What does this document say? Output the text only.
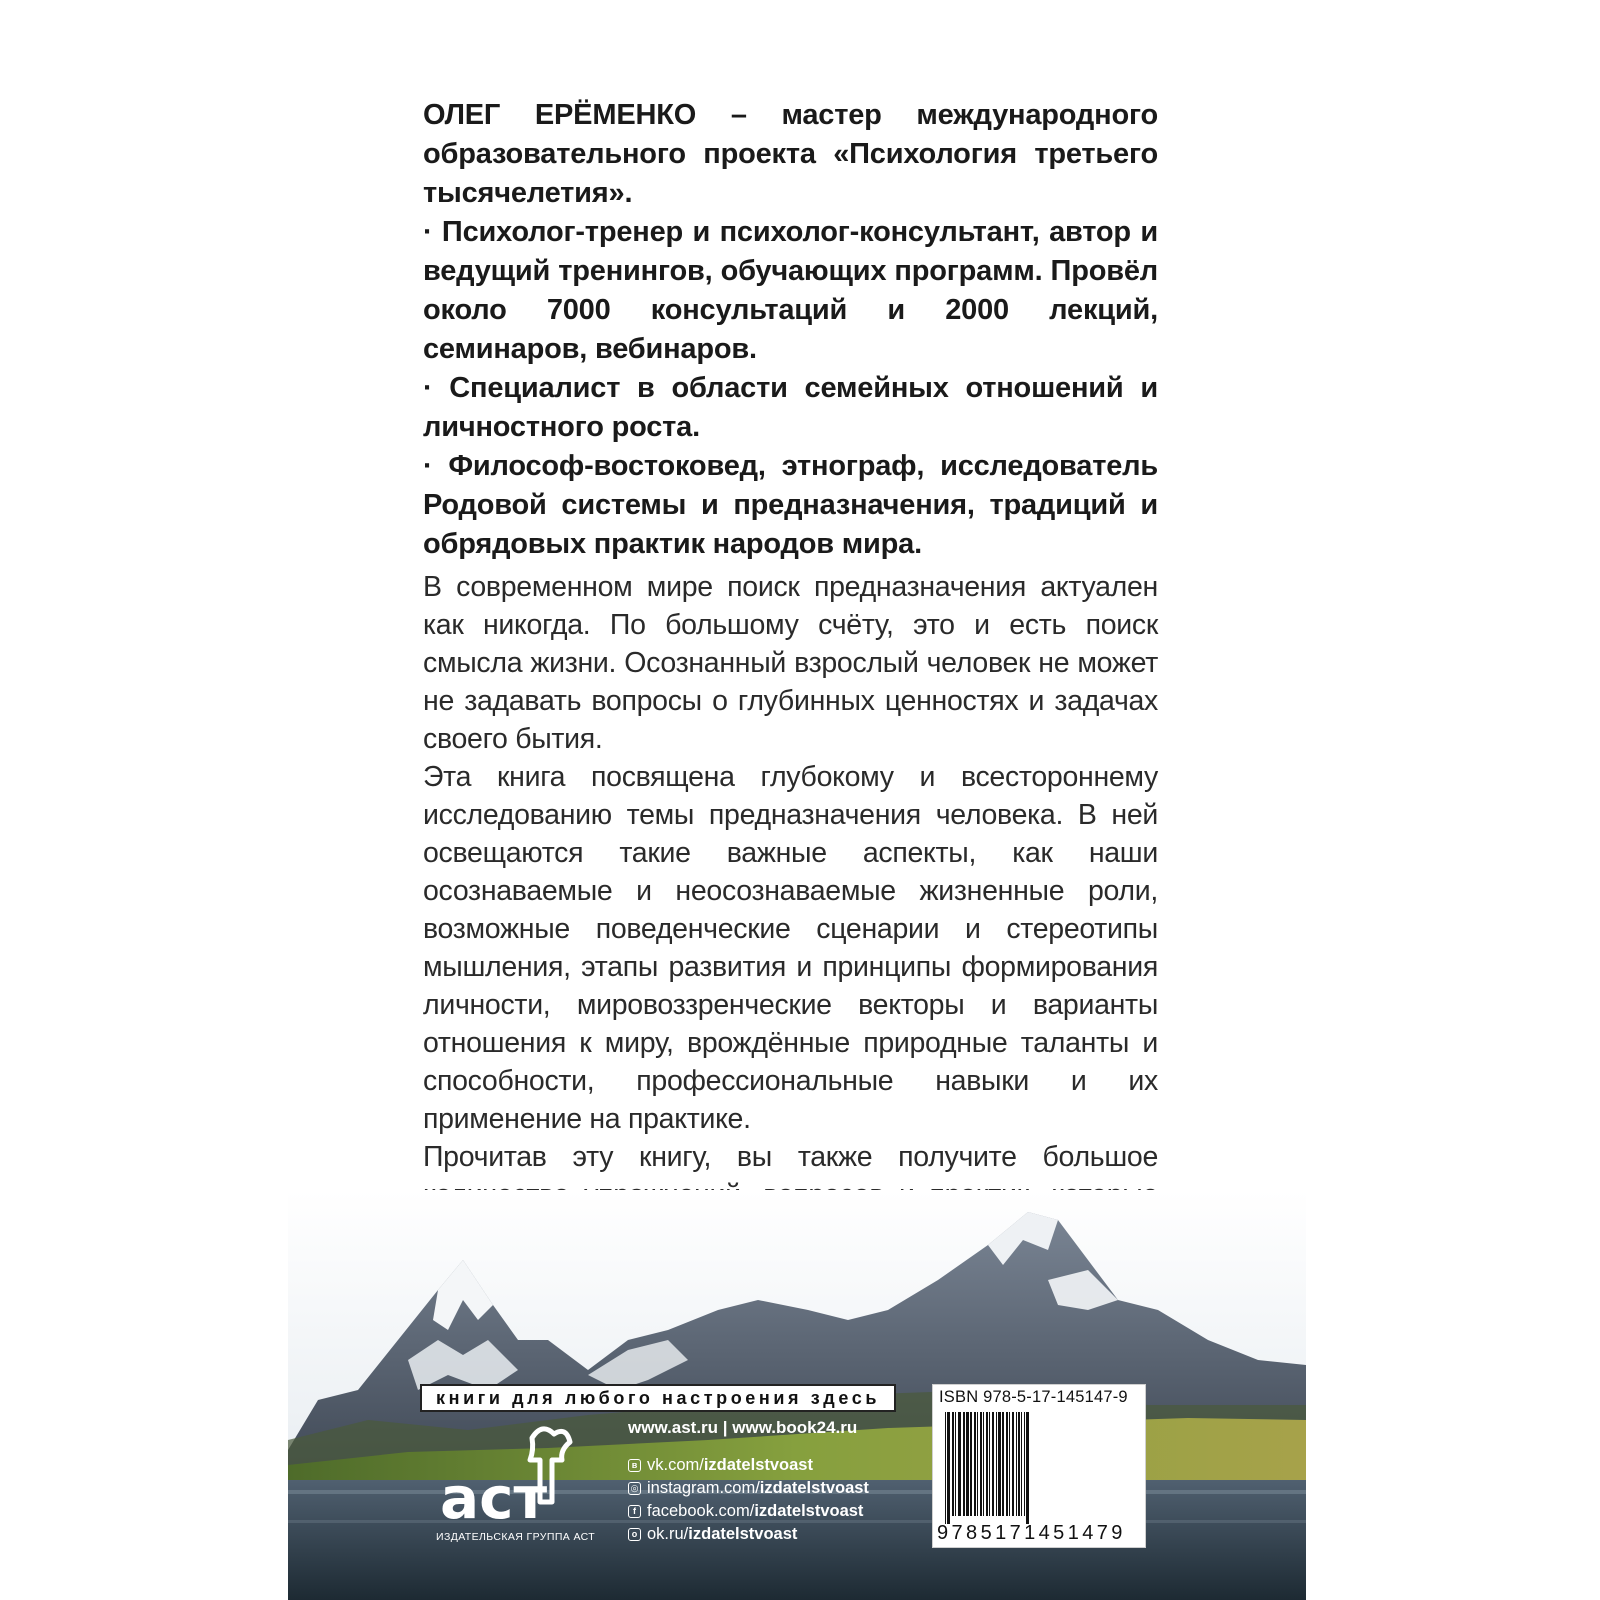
ОЛЕГ ЕРЁМЕНКО – мастер международного образовательного проекта «Психология третьего тысячелетия».

· Психолог-тренер и психолог-консультант, автор и ведущий тренингов, обучающих программ. Провёл около 7000 консультаций и 2000 лекций, семинаров, вебинаров.

· Специалист в области семейных отношений и личностного роста.

· Философ-востоковед, этнограф, исследователь Родовой системы и предназначения, традиций и обрядовых практик народов мира.

В современном мире поиск предназначения актуален как никогда. По большому счёту, это и есть поиск смысла жизни. Осознанный взрослый человек не может не задавать вопросы о глубинных ценностях и задачах своего бытия.

Эта книга посвящена глубокому и всестороннему исследованию темы предназначения человека. В ней освещаются такие важные аспекты, как наши осознаваемые и неосознаваемые жизненные роли, возможные поведенческие сценарии и стереотипы мышления, этапы развития и принципы формирования личности, мировоззренческие векторы и варианты отношения к миру, врождённые природные таланты и способности, профессиональные навыки и их применение на практике.

Прочитав эту книгу, вы также получите большое

книги для любого настроения здесь
аст
ИЗДАТЕЛЬСКАЯ ГРУППА АСТ
www.ast.ru | www.book24.ru
в vk.com/ izdatelstvoast
◎ instagram.com/ izdatelstvoast
f facebook.com/ izdatelstvoast
о ok.ru/ izdatelstvoast
ISBN 978-5-17-145147-9
9785171451479
